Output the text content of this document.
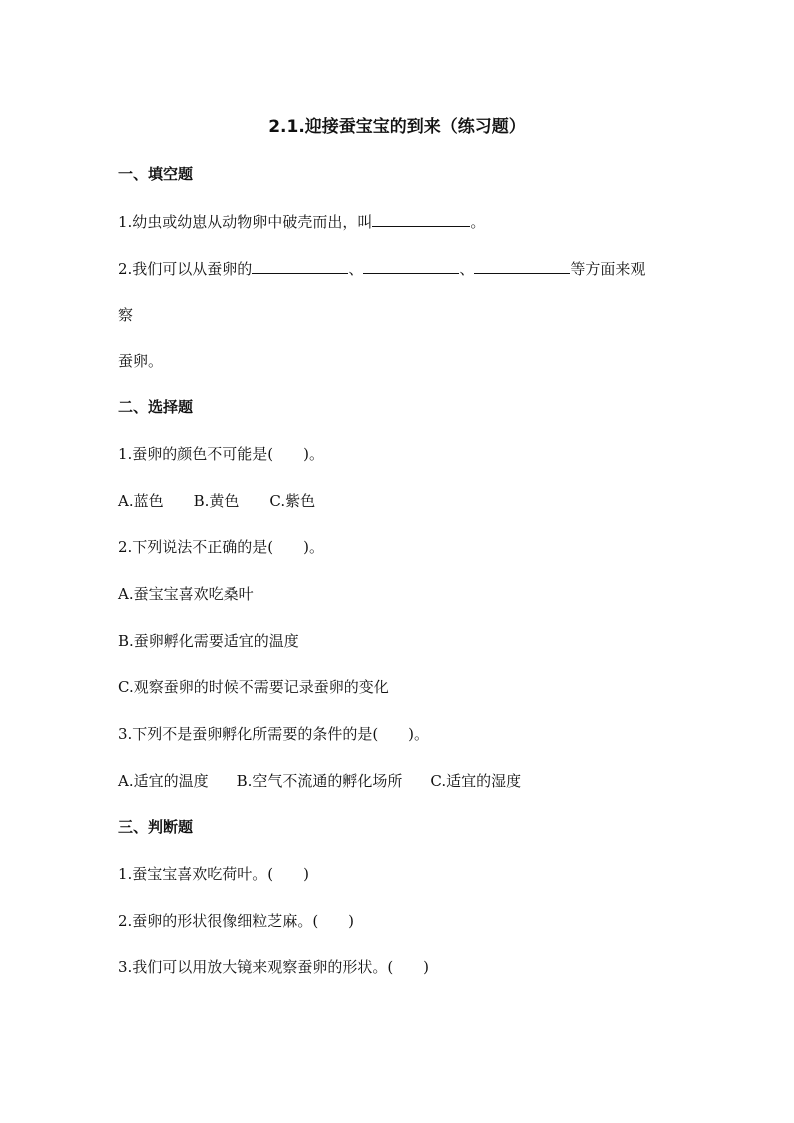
2.1.迎接蚕宝宝的到来（练习题）
一、填空题
1.幼虫或幼崽从动物卵中破壳而出，叫	。
2.我们可以从蚕卵的	、	、	等方面来观
察
蚕卵。
二、选择题
1.蚕卵的颜色不可能是(　　)。
A.蓝色 B.黄色 C.紫色
2.下列说法不正确的是(　　)。
A.蚕宝宝喜欢吃桑叶
B.蚕卵孵化需要适宜的温度
C.观察蚕卵的时候不需要记录蚕卵的变化
3.下列不是蚕卵孵化所需要的条件的是(　　)。
A.适宜的温度 B.空气不流通的孵化场所 C.适宜的湿度
三、判断题
1.蚕宝宝喜欢吃荷叶。(　　)
2.蚕卵的形状很像细粒芝麻。(　　)
3.我们可以用放大镜来观察蚕卵的形状。(　　)
